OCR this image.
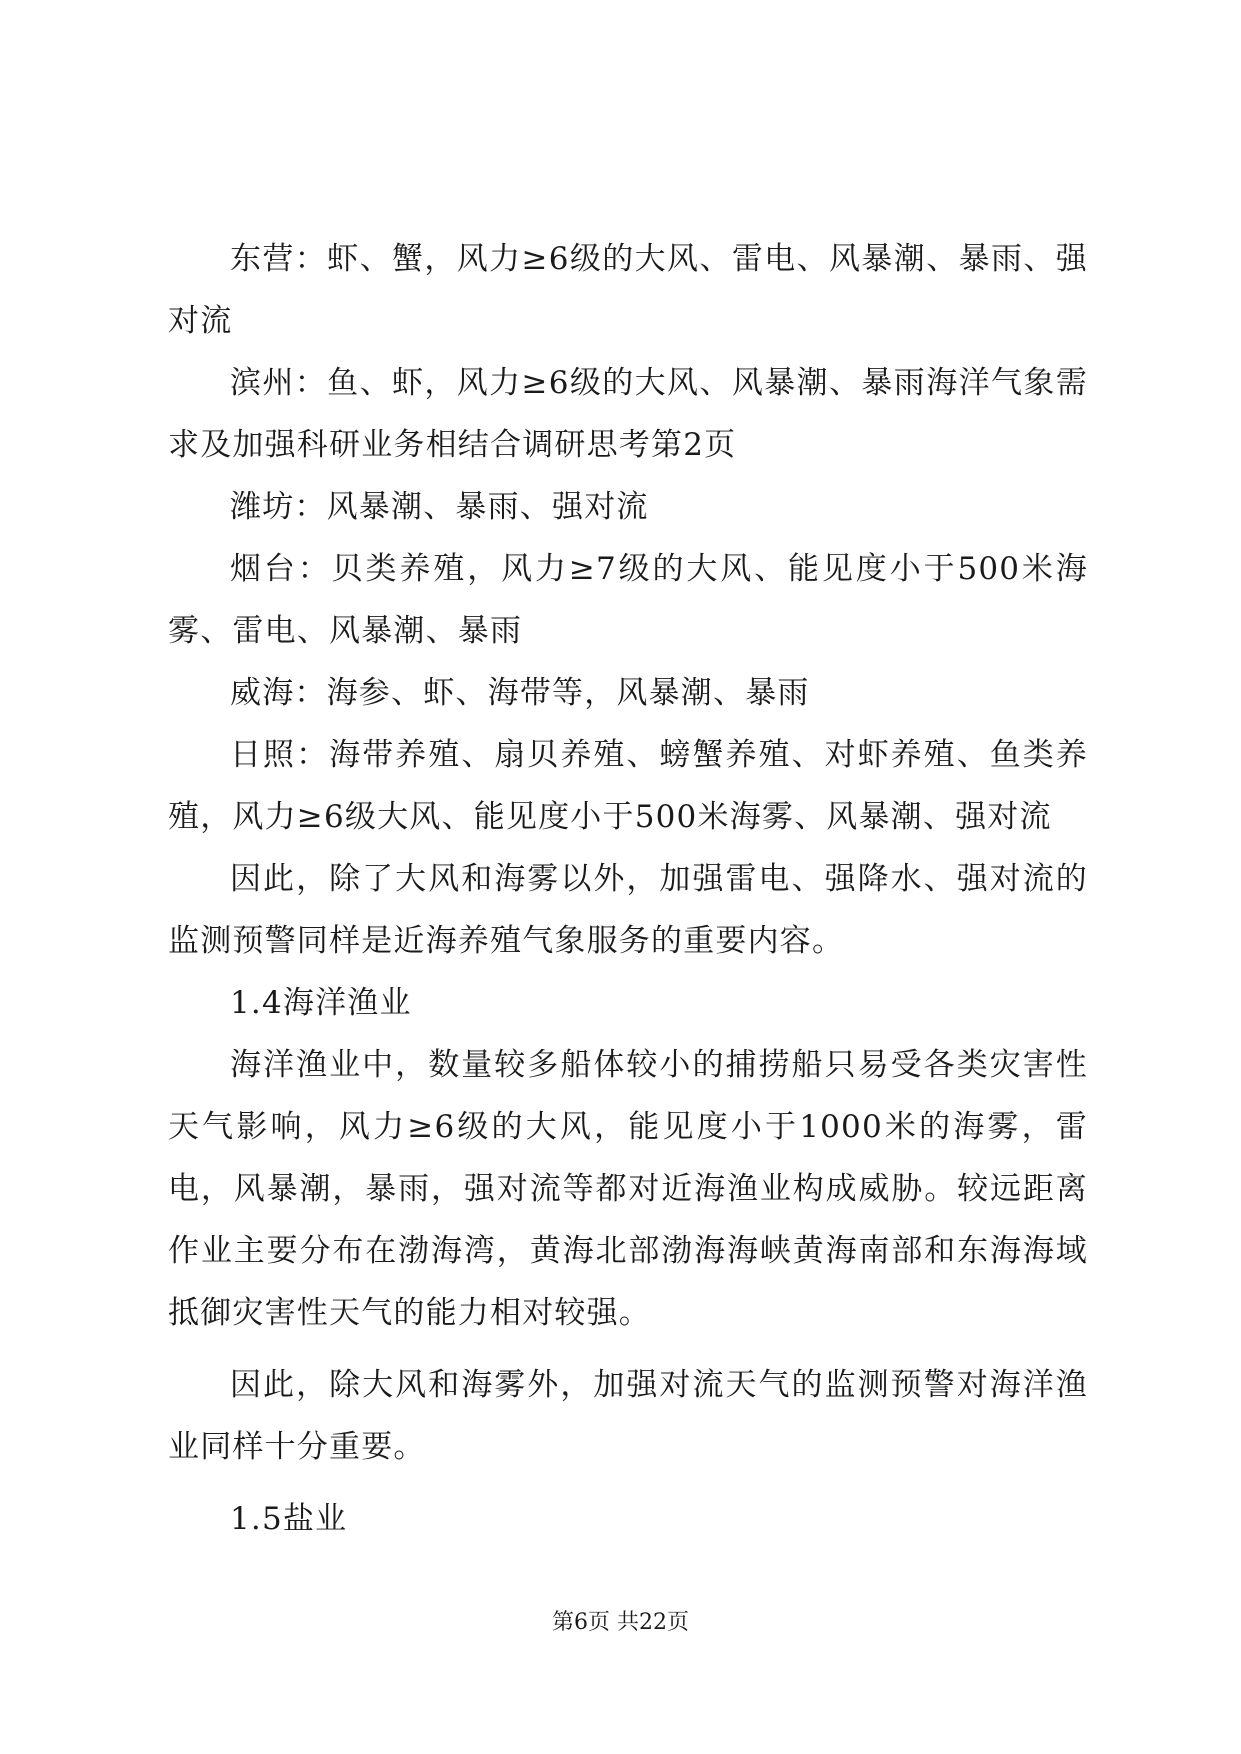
东营：虾、蟹，风力≥6级的大风、雷电、风暴潮、暴雨、强对流

滨州：鱼、虾，风力≥6级的大风、风暴潮、暴雨海洋气象需求及加强科研业务相结合调研思考第2页

潍坊：风暴潮、暴雨、强对流

烟台：贝类养殖，风力≥7级的大风、能见度小于500米海雾、雷电、风暴潮、暴雨

威海：海参、虾、海带等，风暴潮、暴雨

日照：海带养殖、扇贝养殖、螃蟹养殖、对虾养殖、鱼类养殖，风力≥6级大风、能见度小于500米海雾、风暴潮、强对流

因此，除了大风和海雾以外，加强雷电、强降水、强对流的监测预警同样是近海养殖气象服务的重要内容。

1.4海洋渔业

海洋渔业中，数量较多船体较小的捕捞船只易受各类灾害性天气影响，风力≥6级的大风，能见度小于1000米的海雾，雷电，风暴潮，暴雨，强对流等都对近海渔业构成威胁。较远距离作业主要分布在渤海湾，黄海北部渤海海峡黄海南部和东海海域抵御灾害性天气的能力相对较强。

因此，除大风和海雾外，加强对流天气的监测预警对海洋渔业同样十分重要。

1.5盐业

第6页 共22页
